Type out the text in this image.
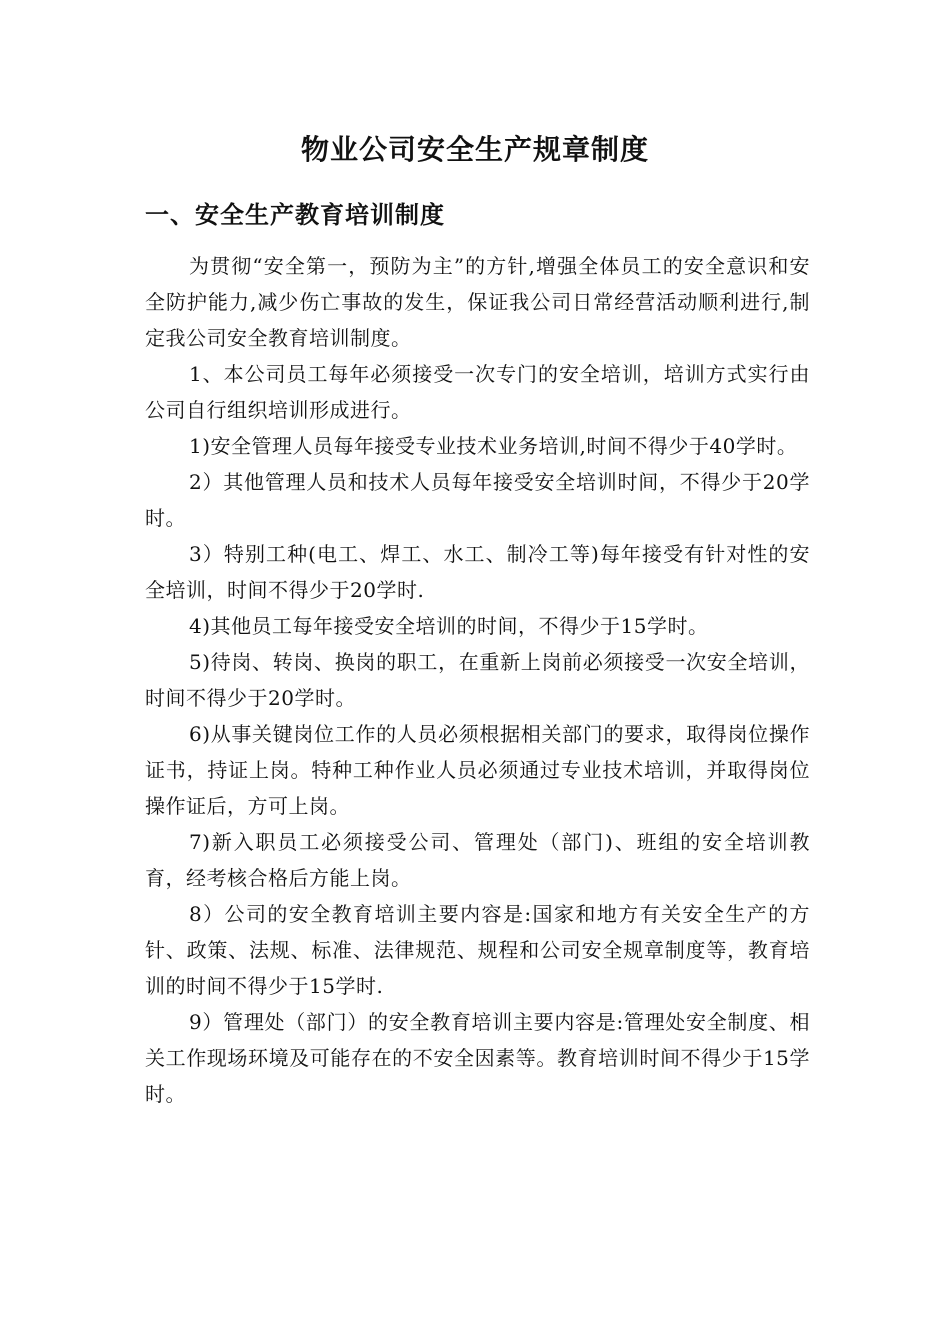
物业公司安全生产规章制度
一、安全生产教育培训制度

为贯彻“安全第一，预防为主”的方针,增强全体员工的安全意识和安全防护能力,减少伤亡事故的发生，保证我公司日常经营活动顺利进行,制定我公司安全教育培训制度。

1、本公司员工每年必须接受一次专门的安全培训，培训方式实行由公司自行组织培训形成进行。

1)安全管理人员每年接受专业技术业务培训,时间不得少于40学时。

2）其他管理人员和技术人员每年接受安全培训时间，不得少于20学时。

3）特别工种(电工、焊工、水工、制冷工等)每年接受有针对性的安全培训，时间不得少于20学时.

4)其他员工每年接受安全培训的时间，不得少于15学时。

5)待岗、转岗、换岗的职工，在重新上岗前必须接受一次安全培训，时间不得少于20学时。

6)从事关键岗位工作的人员必须根据相关部门的要求，取得岗位操作证书，持证上岗。特种工种作业人员必须通过专业技术培训，并取得岗位操作证后，方可上岗。

7)新入职员工必须接受公司、管理处（部门)、班组的安全培训教育，经考核合格后方能上岗。

8）公司的安全教育培训主要内容是:国家和地方有关安全生产的方针、政策、法规、标准、法律规范、规程和公司安全规章制度等，教育培训的时间不得少于15学时.

9）管理处（部门）的安全教育培训主要内容是:管理处安全制度、相关工作现场环境及可能存在的不安全因素等。教育培训时间不得少于15学时。
